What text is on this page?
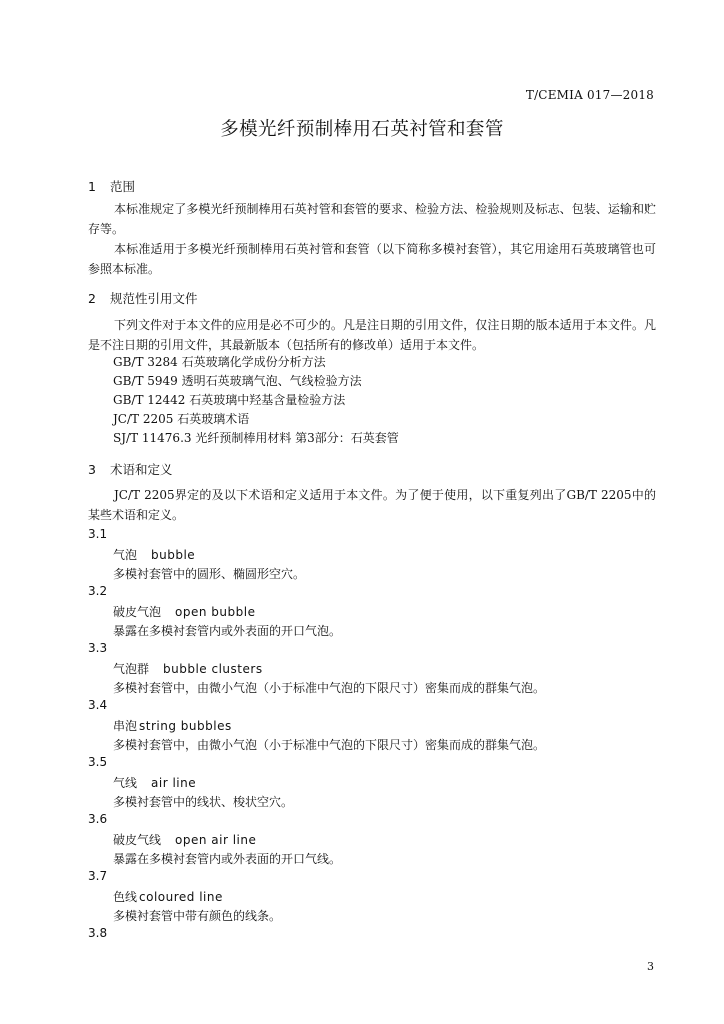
T/CEMIA 017—2018
多模光纤预制棒用石英衬管和套管
1 范围
本标准规定了多模光纤预制棒用石英衬管和套管的要求、检验方法、检验规则及标志、包装、运输和贮存等。
本标准适用于多模光纤预制棒用石英衬管和套管（以下简称多模衬套管），其它用途用石英玻璃管也可参照本标准。
2 规范性引用文件
下列文件对于本文件的应用是必不可少的。凡是注日期的引用文件，仅注日期的版本适用于本文件。凡是不注日期的引用文件，其最新版本（包括所有的修改单）适用于本文件。
GB/T 3284 石英玻璃化学成份分析方法
GB/T 5949 透明石英玻璃气泡、气线检验方法
GB/T 12442 石英玻璃中羟基含量检验方法
JC/T 2205 石英玻璃术语
SJ/T 11476.3 光纤预制棒用材料 第3部分：石英套管
3 术语和定义
JC/T 2205界定的及以下术语和定义适用于本文件。为了便于使用，以下重复列出了GB/T 2205中的某些术语和定义。
3.1
气泡 bubble
多模衬套管中的圆形、椭圆形空穴。
3.2
破皮气泡 open bubble
暴露在多模衬套管内或外表面的开口气泡。
3.3
气泡群 bubble clusters
多模衬套管中，由微小气泡（小于标准中气泡的下限尺寸）密集而成的群集气泡。
3.4
串泡 string bubbles
多模衬套管中，由微小气泡（小于标准中气泡的下限尺寸）密集而成的群集气泡。
3.5
气线 air line
多模衬套管中的线状、梭状空穴。
3.6
破皮气线 open air line
暴露在多模衬套管内或外表面的开口气线。
3.7
色线 coloured line
多模衬套管中带有颜色的线条。
3.8
3
